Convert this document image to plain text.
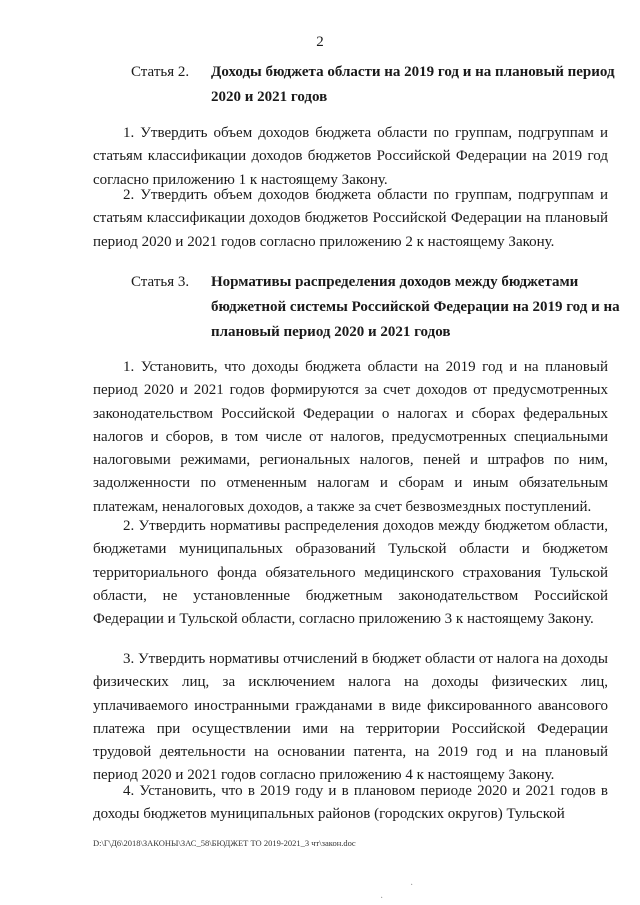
2
Статья 2. Доходы бюджета области на 2019 год и на плановый период 2020 и 2021 годов

1. Утвердить объем доходов бюджета области по группам, подгруппам и статьям классификации доходов бюджетов Российской Федерации на 2019 год согласно приложению 1 к настоящему Закону.

2. Утвердить объем доходов бюджета области по группам, подгруппам и статьям классификации доходов бюджетов Российской Федерации на плановый период 2020 и 2021 годов согласно приложению 2 к настоящему Закону.

Статья 3. Нормативы распределения доходов между бюджетами бюджетной системы Российской Федерации на 2019 год и на плановый период 2020 и 2021 годов

1. Установить, что доходы бюджета области на 2019 год и на плановый период 2020 и 2021 годов формируются за счет доходов от предусмотренных законодательством Российской Федерации о налогах и сборах федеральных налогов и сборов, в том числе от налогов, предусмотренных специальными налоговыми режимами, региональных налогов, пеней и штрафов по ним, задолженности по отмененным налогам и сборам и иным обязательным платежам, неналоговых доходов, а также за счет безвозмездных поступлений.

2. Утвердить нормативы распределения доходов между бюджетом области, бюджетами муниципальных образований Тульской области и бюджетом территориального фонда обязательного медицинского страхования Тульской области, не установленные бюджетным законодательством Российской Федерации и Тульской области, согласно приложению 3 к настоящему Закону.

3. Утвердить нормативы отчислений в бюджет области от налога на доходы физических лиц, за исключением налога на доходы физических лиц, уплачиваемого иностранными гражданами в виде фиксированного авансового платежа при осуществлении ими на территории Российской Федерации трудовой деятельности на основании патента, на 2019 год и на плановый период 2020 и 2021 годов согласно приложению 4 к настоящему Закону.

4. Установить, что в 2019 году и в плановом периоде 2020 и 2021 годов в доходы бюджетов муниципальных районов (городских округов) Тульской

D:\Г\Д6\2018\ЗАКОНЫ\ЗАС_58\БЮДЖЕТ ТО 2019-2021_3 чт\закон.doc
·
·
